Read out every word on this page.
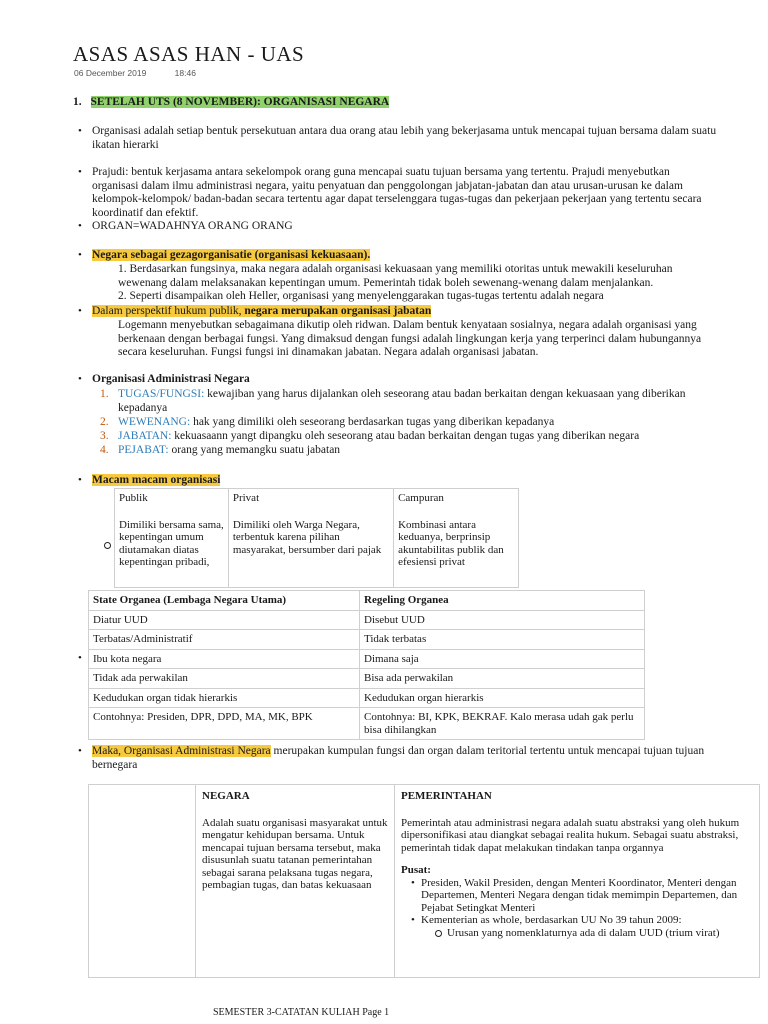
ASAS ASAS HAN - UAS
06 December 2019	18:46
1. SETELAH UTS (8 NOVEMBER): ORGANISASI NEGARA
•
Organisasi adalah setiap bentuk persekutuan antara dua orang atau lebih yang bekerjasama untuk mencapai tujuan bersama dalam suatu
ikatan hierarki
•
Prajudi: bentuk kerjasama antara sekelompok orang guna mencapai suatu tujuan bersama yang tertentu. Prajudi menyebutkan
organisasi dalam ilmu administrasi negara, yaitu penyatuan dan penggolongan jabjatan-jabatan dan atau urusan-urusan ke dalam
kelompok-kelompok/ badan-badan secara tertentu agar dapat terselenggara tugas-tugas dan pekerjaan pekerjaan yang tertentu secara
koordinatif dan efektif.
•
ORGAN=WADAHNYA ORANG ORANG
•
Negara sebagai gezagorganisatie (organisasi kekuasaan).
1. Berdasarkan fungsinya, maka negara adalah organisasi kekuasaan yang memiliki otoritas untuk mewakili keseluruhan
wewenang dalam melaksanakan kepentingan umum. Pemerintah tidak boleh sewenang-wenang dalam menjalankan.
2. Seperti disampaikan oleh Heller, organisasi yang menyelenggarakan tugas-tugas tertentu adalah negara
•
Dalam perspektif hukum publik, negara merupakan organisasi jabatan
Logemann menyebutkan sebagaimana dikutip oleh ridwan. Dalam bentuk kenyataan sosialnya, negara adalah organisasi yang
berkenaan dengan berbagai fungsi. Yang dimaksud dengan fungsi adalah lingkungan kerja yang terperinci dalam hubungannya
secara keseluruhan. Fungsi fungsi ini dinamakan jabatan. Negara adalah organisasi jabatan.
•
Organisasi Administrasi Negara
1. TUGAS/FUNGSI: kewajiban yang harus dijalankan oleh seseorang atau badan berkaitan dengan kekuasaan yang diberikan
kepadanya
2. WEWENANG: hak yang dimiliki oleh seseorang berdasarkan tugas yang diberikan kepadanya
3. JABATAN: kekuasaann yangt dipangku oleh seseorang atau badan berkaitan dengan tugas yang diberikan negara
4. PEJABAT: orang yang memangku suatu jabatan
•
Macam macam organisasi
Publik
Dimiliki bersama sama, kepentingan umum diutamakan diatas kepentingan pribadi,

Privat
Dimiliki oleh Warga Negara, terbentuk karena pilihan masyarakat, bersumber dari pajak

Campuran
Kombinasi antara keduanya, berprinsip akuntabilitas publik dan efesiensi privat
•
State Organea (Lembaga Negara Utama)	Regeling Organea
Diatur UUD	Disebut UUD
Terbatas/Administratif	Tidak terbatas
Ibu kota negara	Dimana saja
Tidak ada perwakilan	Bisa ada perwakilan
Kedudukan organ tidak hierarkis	Kedudukan organ hierarkis
Contohnya: Presiden, DPR, DPD, MA, MK, BPK	Contohnya: BI, KPK, BEKRAF. Kalo merasa udah gak perlu bisa dihilangkan
•
Maka, Organisasi Administrasi Negara merupakan kumpulan fungsi dan organ dalam teritorial tertentu untuk mencapai tujuan tujuan
bernegara

NEGARA
Adalah suatu organisasi masyarakat untuk mengatur kehidupan bersama. Untuk mencapai tujuan bersama tersebut, maka disusunlah suatu tatanan pemerintahan sebagai sarana pelaksana tugas negara, pembagian tugas, dan batas kekuasaan

PEMERINTAHAN
Pemerintah atau administrasi negara adalah suatu abstraksi yang oleh hukum dipersonifikasi atau diangkat sebagai realita hukum. Sebagai suatu abstraksi, pemerintah tidak dapat melakukan tindakan tanpa organnya
Pusat:
• Presiden, Wakil Presiden, dengan Menteri Koordinator, Menteri dengan Departemen, Menteri Negara dengan tidak memimpin Departemen, dan Pejabat Setingkat Menteri
• Kementerian as whole, berdasarkan UU No 39 tahun 2009:
Urusan yang nomenklaturnya ada di dalam UUD (trium virat)
SEMESTER 3-CATATAN KULIAH Page 1
